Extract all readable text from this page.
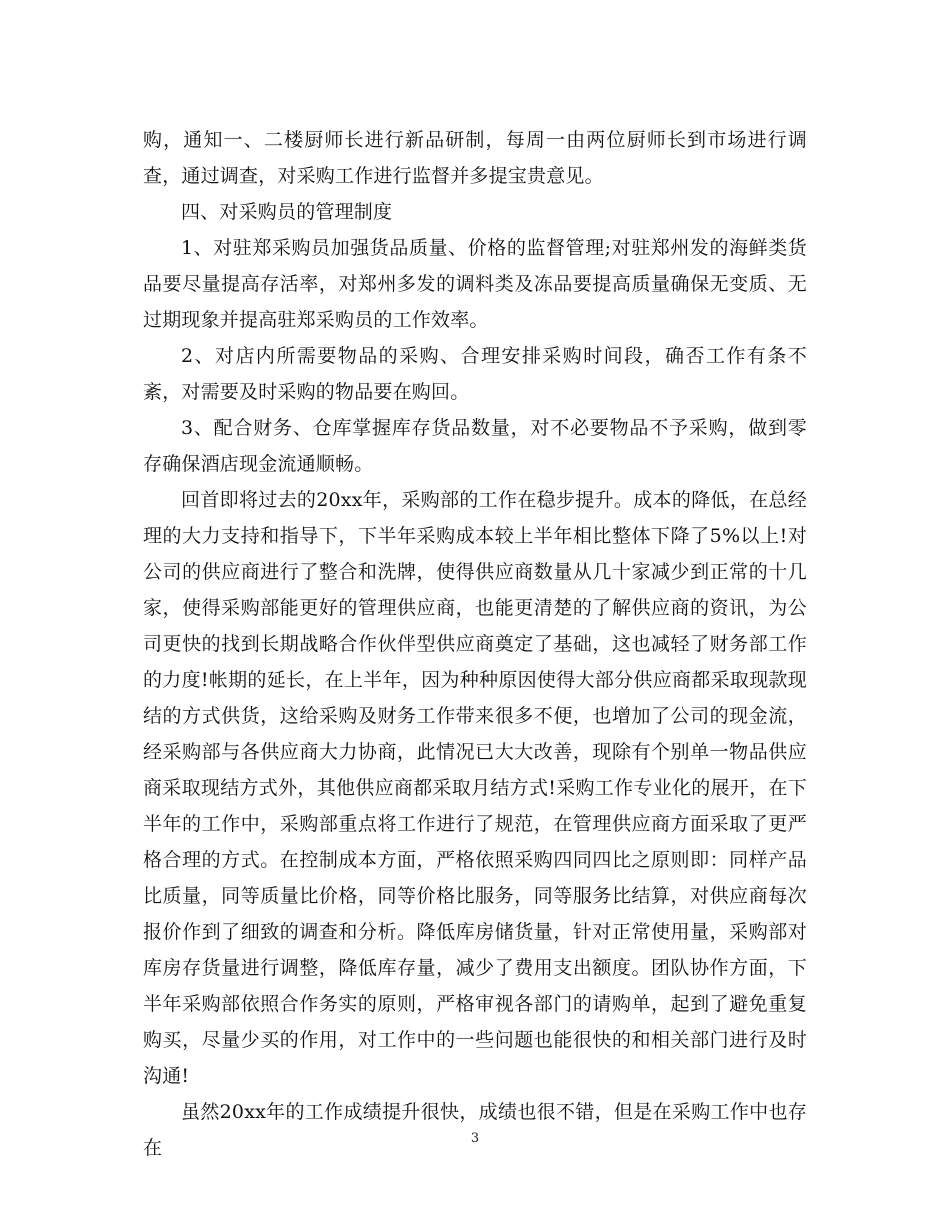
购，通知一、二楼厨师长进行新品研制，每周一由两位厨师长到市场进行调查，通过调查，对采购工作进行监督并多提宝贵意见。

四、对采购员的管理制度

1、对驻郑采购员加强货品质量、价格的监督管理;对驻郑州发的海鲜类货品要尽量提高存活率，对郑州多发的调料类及冻品要提高质量确保无变质、无过期现象并提高驻郑采购员的工作效率。

2、对店内所需要物品的采购、合理安排采购时间段，确否工作有条不紊，对需要及时采购的物品要在购回。

3、配合财务、仓库掌握库存货品数量，对不必要物品不予采购，做到零存确保酒店现金流通顺畅。

回首即将过去的20xx年，采购部的工作在稳步提升。成本的降低，在总经理的大力支持和指导下，下半年采购成本较上半年相比整体下降了5%以上!对公司的供应商进行了整合和洗牌，使得供应商数量从几十家减少到正常的十几家，使得采购部能更好的管理供应商，也能更清楚的了解供应商的资讯，为公司更快的找到长期战略合作伙伴型供应商奠定了基础，这也减轻了财务部工作的力度!帐期的延长，在上半年，因为种种原因使得大部分供应商都采取现款现结的方式供货，这给采购及财务工作带来很多不便，也增加了公司的现金流，经采购部与各供应商大力协商，此情况已大大改善，现除有个别单一物品供应商采取现结方式外，其他供应商都采取月结方式!采购工作专业化的展开，在下半年的工作中，采购部重点将工作进行了规范，在管理供应商方面采取了更严格合理的方式。在控制成本方面，严格依照采购四同四比之原则即：同样产品比质量，同等质量比价格，同等价格比服务，同等服务比结算，对供应商每次报价作到了细致的调查和分析。降低库房储货量，针对正常使用量，采购部对库房存货量进行调整，降低库存量，减少了费用支出额度。团队协作方面，下半年采购部依照合作务实的原则，严格审视各部门的请购单，起到了避免重复购买，尽量少买的作用，对工作中的一些问题也能很快的和相关部门进行及时沟通!

虽然20xx年的工作成绩提升很快，成绩也很不错，但是在采购工作中也存在	3
